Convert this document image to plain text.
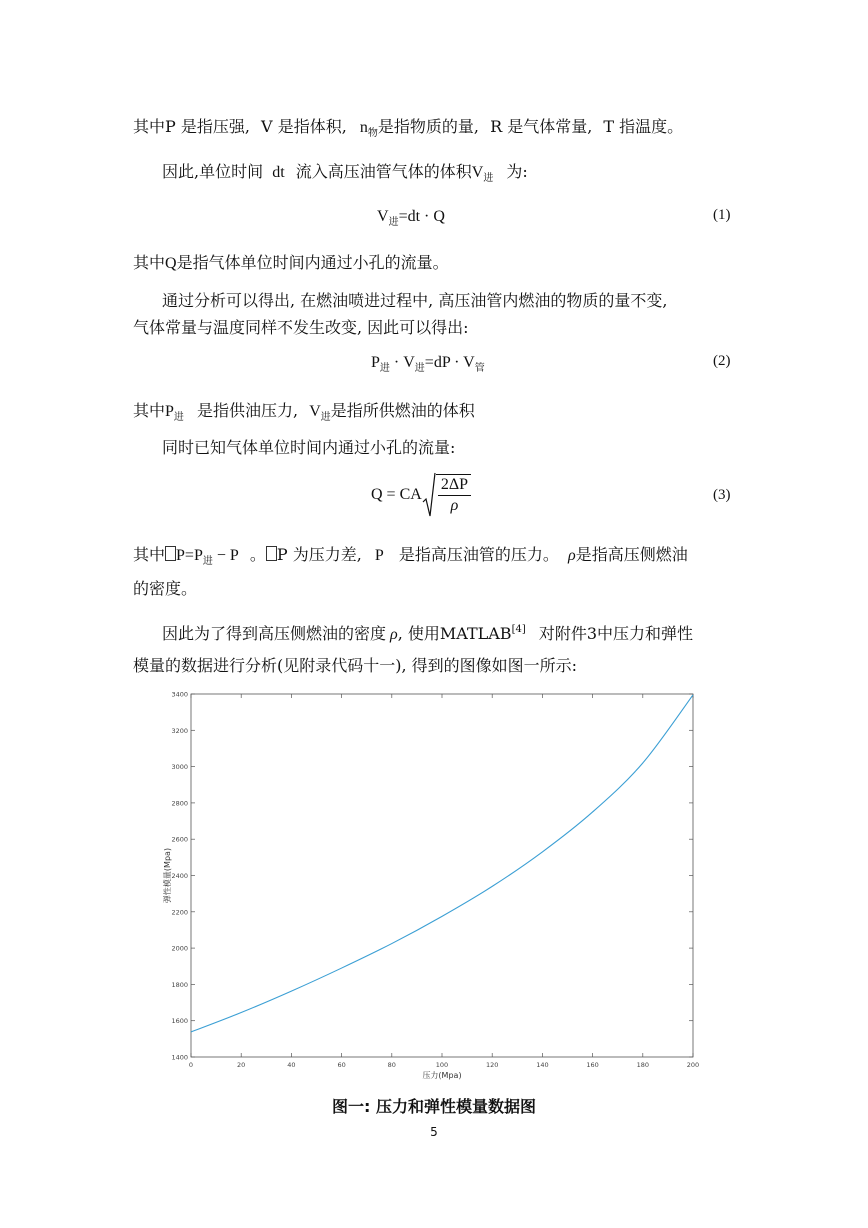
其中P 是指压强, V 是指体积, $n_物$是指物质的量, R 是气体常量, T 指温度。
因此,单位时间 dt 流入高压油管气体的体积$V_进$ 为:
$V_进=dt \cdot Q$	(1)
其中Q是指气体单位时间内通过小孔的流量。
通过分析可以得出, 在燃油喷进过程中, 高压油管内燃油的物质的量不变,
气体常量与温度同样不发生改变, 因此可以得出:
$P_进 \cdot V_进=dP \cdot V_管$	(2)
其中$P_进$ 是指供油压力, $V_进$是指所供燃油的体积
同时已知气体单位时间内通过小孔的流量:
Q = CA $\frac{2\Delta P}{\rho}$	(3)
其中 $P=P_进 - P$ 。 P 为压力差, P 是指高压油管的压力。 ρ是指高压侧燃油
的密度。
因此为了得到高压侧燃油的密度 ρ, 使用MATLAB[4] 对附件3中压力和弹性
模量的数据进行分析(见附录代码十一), 得到的图像如图一所示:
0	20	40	60	80	100	120	140	160	180	200
1400
1600
1800
2000
2200
2400
2600
2800
3000
3200
3400
压力(Mpa)
弹性模量(Mpa)
图一: 压力和弹性模量数据图
5
